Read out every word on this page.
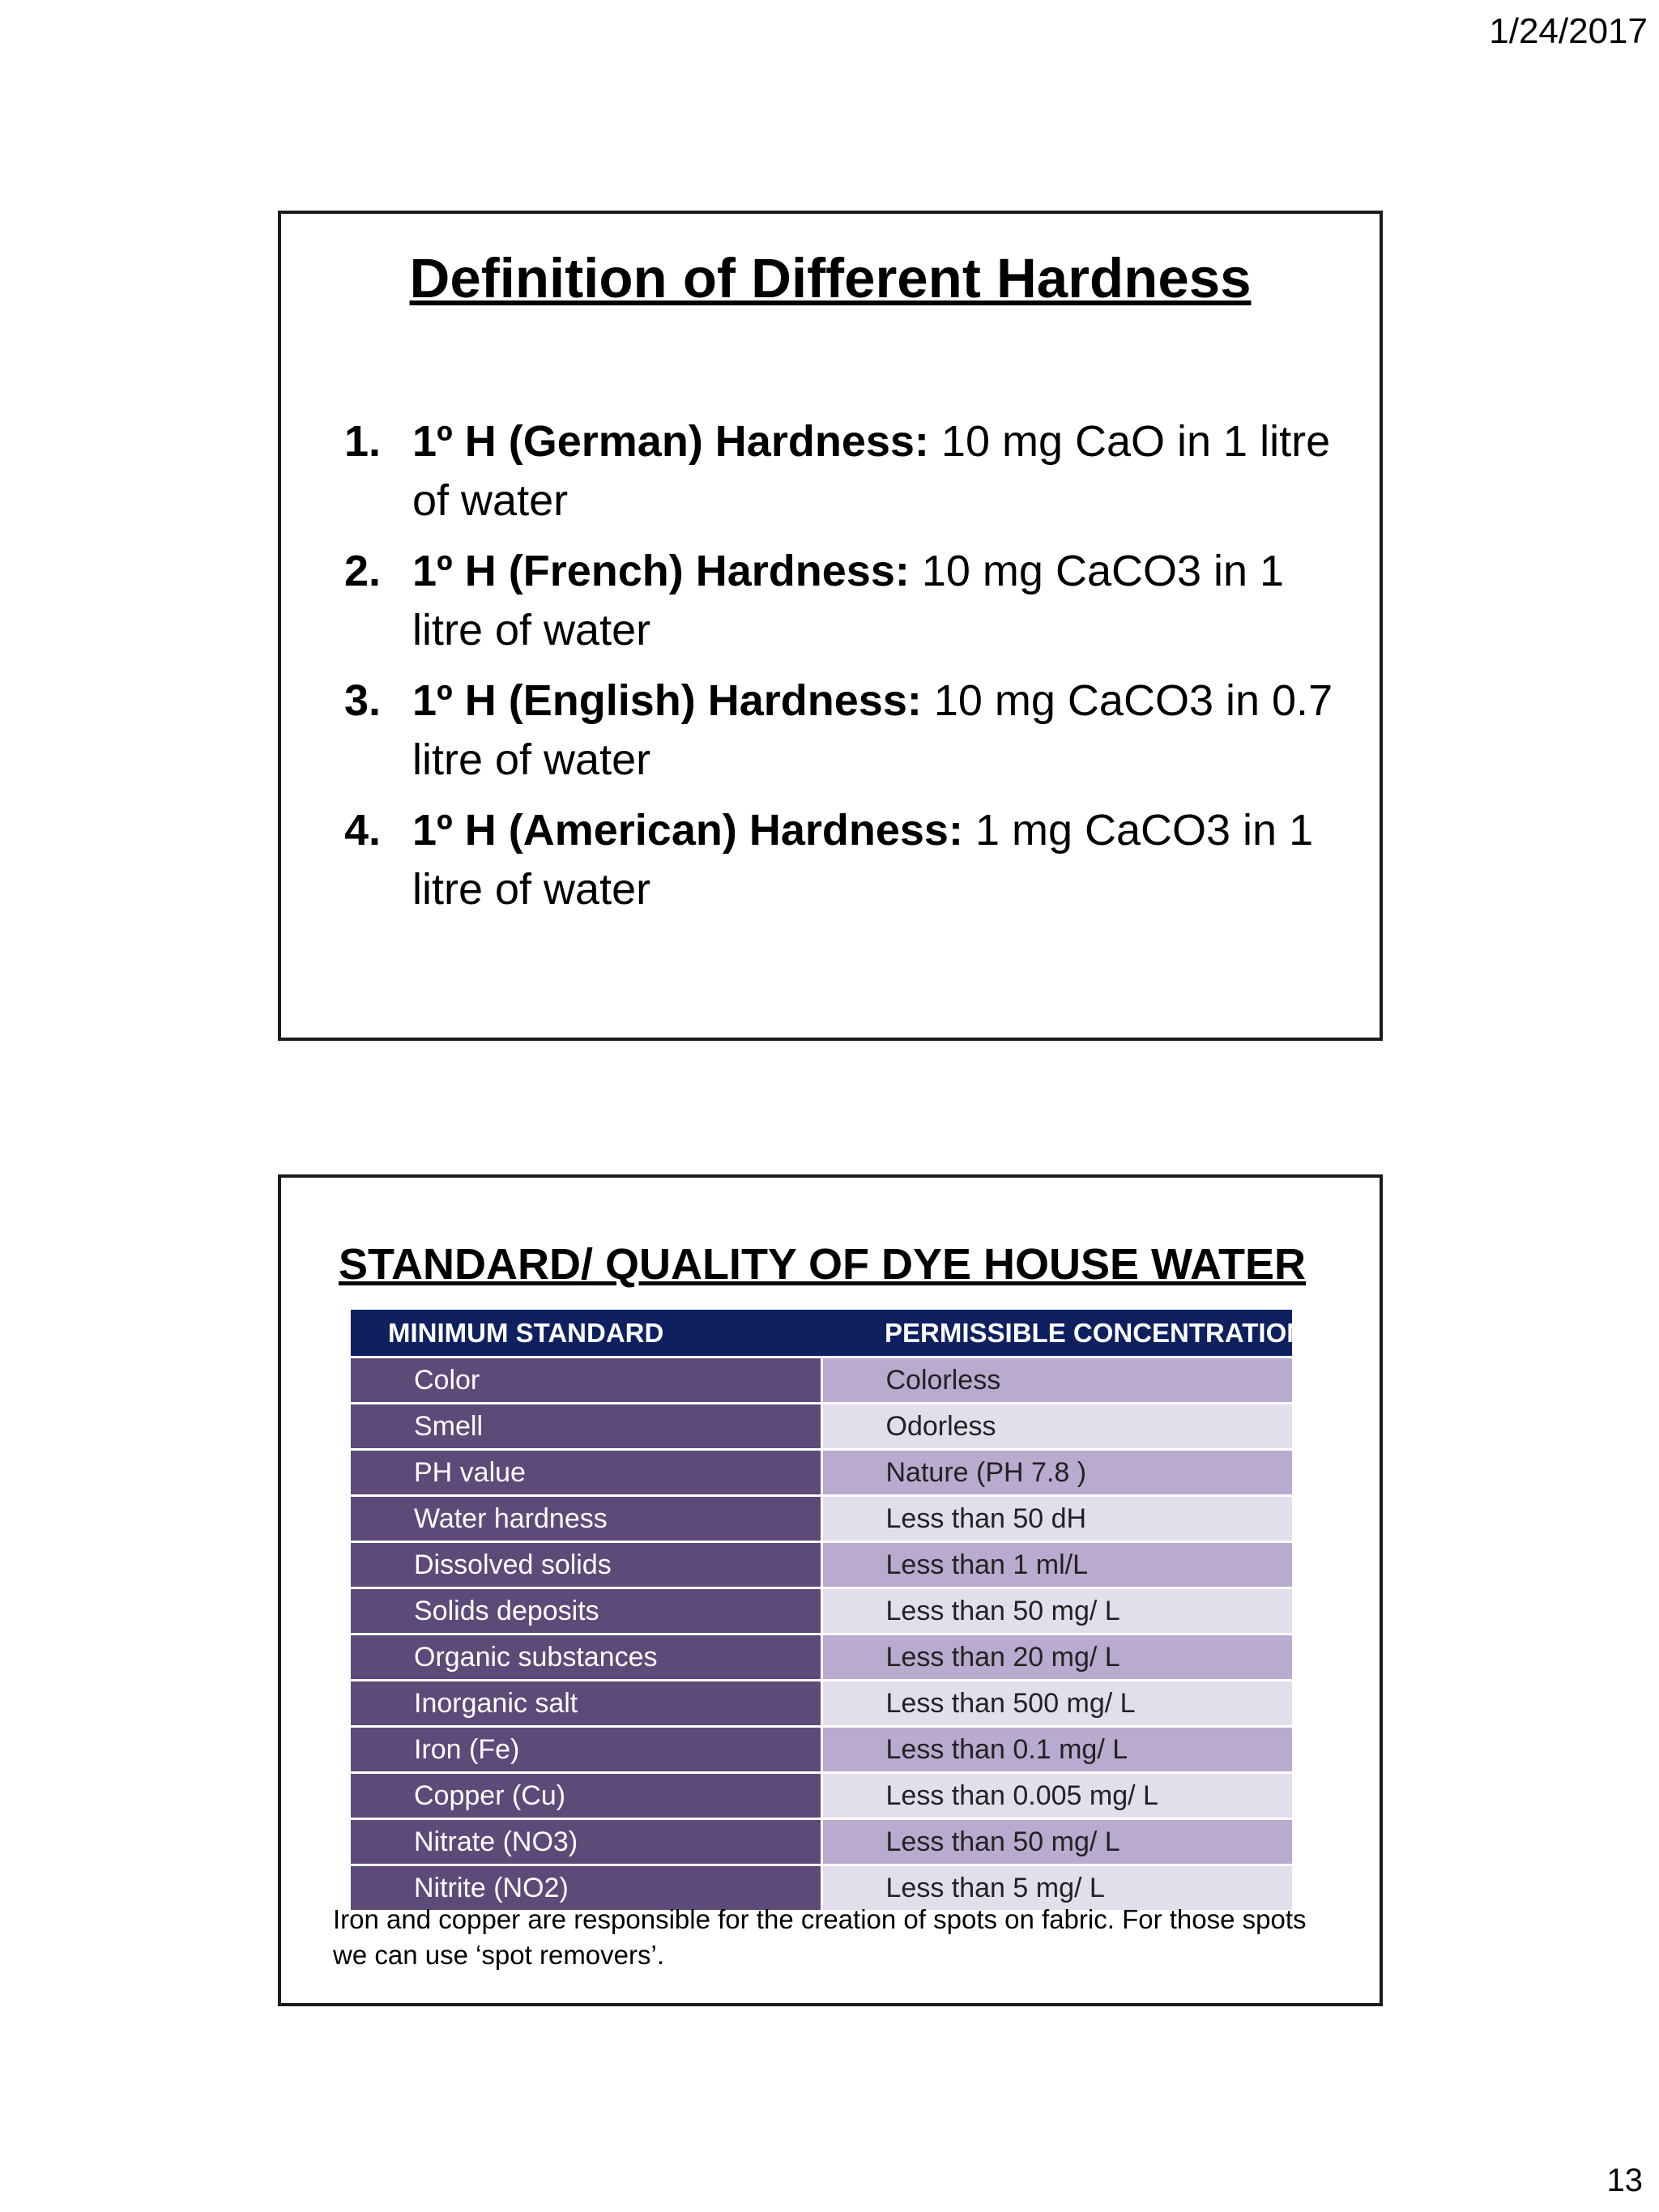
1/24/2017
Definition of Different Hardness
1. 1º H (German) Hardness: 10 mg CaO in 1 litre of water
2. 1º H (French) Hardness: 10 mg CaCO3 in 1 litre of water
3. 1º H (English) Hardness: 10 mg CaCO3 in 0.7 litre of water
4. 1º H (American) Hardness: 1 mg CaCO3 in 1 litre of water
STANDARD/ QUALITY OF DYE HOUSE WATER
MINIMUM STANDARD	PERMISSIBLE CONCENTRATION
Color	Colorless
Smell	Odorless
PH value	Nature (PH 7.8 )
Water hardness	Less than 50 dH
Dissolved solids	Less than 1 ml/L
Solids deposits	Less than 50 mg/ L
Organic substances	Less than 20 mg/ L
Inorganic salt	Less than 500 mg/ L
Iron (Fe)	Less than 0.1 mg/ L
Copper (Cu)	Less than 0.005 mg/ L
Nitrate (NO3)	Less than 50 mg/ L
Nitrite (NO2)	Less than 5 mg/ L

Iron and copper are responsible for the creation of spots on fabric. For those spots we can use ‘spot removers’.

13
